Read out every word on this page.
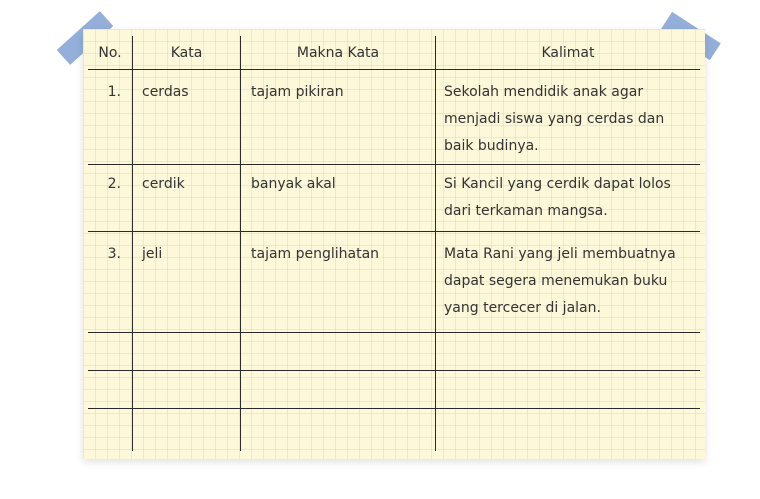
No.	Kata	Makna Kata	Kalimat
1. cerdas	tajam pikiran	Sekolah mendidik anak agar
menjadi siswa yang cerdas dan
baik budinya.
2. cerdik	banyak akal	Si Kancil yang cerdik dapat lolos
dari terkaman mangsa.
3. jeli	tajam penglihatan	Mata Rani yang jeli membuatnya
dapat segera menemukan buku
yang tercecer di jalan.
